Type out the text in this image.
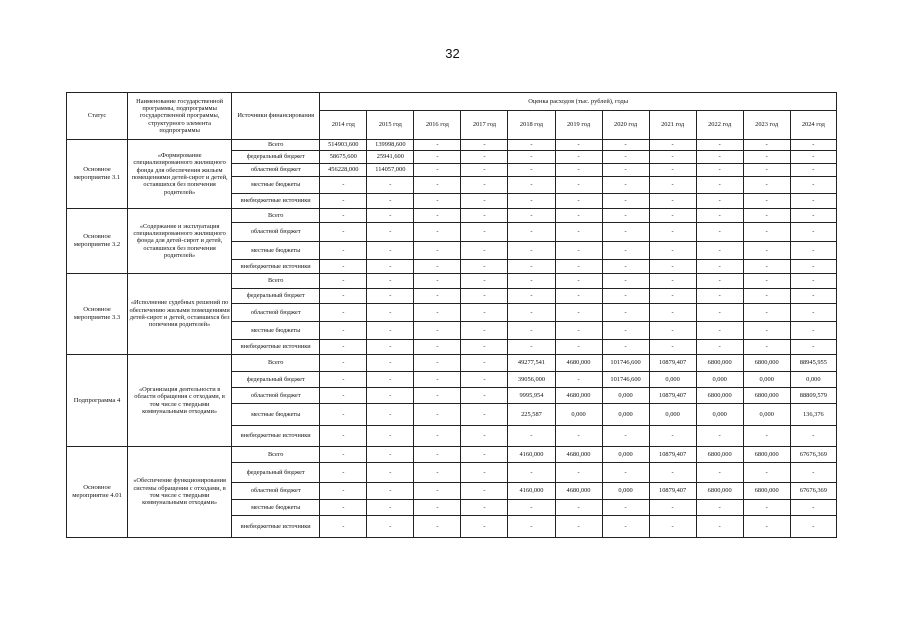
32
Статус	Наименование государственной программы, подпрограммы государственной программы, структурного элемента подпрограммы	Источники финансирования	Оценка расходов (тыс. рублей), годы										
			2014 год	2015 год	2016 год	2017 год	2018 год	2019 год	2020 год	2021 год	2022 год	2023 год	2024 год
Основное мероприятие 3.1	«Формирование специализированного жилищного фонда для обеспечения жильем помещениями детей-сирот и детей, оставшихся без попечения родителей»	Всего	514903,600	139998,600	-	-	-	-	-	-	-	-	-
		федеральный бюджет	58675,600	25941,600	-	-	-	-	-	-	-	-	-
		областной бюджет	456228,000	114057,000	-	-	-	-	-	-	-	-	-
		местные бюджеты	-	-	-	-	-	-	-	-	-	-	-
		внебюджетные источники	-	-	-	-	-	-	-	-	-	-	-
Основное мероприятие 3.2	«Содержание и эксплуатация специализированного жилищного фонда для детей-сирот и детей, оставшихся без попечения родителей»	Всего	-	-	-	-	-	-	-	-	-	-	-
		областной бюджет	-	-	-	-	-	-	-	-	-	-	-
		местные бюджеты	-	-	-	-	-	-	-	-	-	-	-
		внебюджетные источники	-	-	-	-	-	-	-	-	-	-	-
Основное мероприятие 3.3	«Исполнение судебных решений по обеспечению жилыми помещениями детей-сирот и детей, оставшихся без попечения родителей»	Всего	-	-	-	-	-	-	-	-	-	-	-
		федеральный бюджет	-	-	-	-	-	-	-	-	-	-	-
		областной бюджет	-	-	-	-	-	-	-	-	-	-	-
		местные бюджеты	-	-	-	-	-	-	-	-	-	-	-
		внебюджетные источники	-	-	-	-	-	-	-	-	-	-	-
Подпрограмма 4	«Организация деятельности в области обращения с отходами, в том числе с твердыми коммунальными отходами»	Всего	-	-	-	-	49277,541	4680,000	101746,600	10879,407	6800,000	6800,000	88945,955
		федеральный бюджет	-	-	-	-	39056,000	-	101746,600	0,000	0,000	0,000	0,000
		областной бюджет	-	-	-	-	9995,954	4680,000	0,000	10879,407	6800,000	6800,000	88809,579
		местные бюджеты	-	-	-	-	225,587	0,000	0,000	0,000	0,000	0,000	136,376
		внебюджетные источники	-	-	-	-	-	-	-	-	-	-	-
Основное мероприятие 4.01	«Обеспечение функционирования системы обращения с отходами, в том числе с твердыми коммунальными отходами»	Всего	-	-	-	-	4160,000	4680,000	0,000	10879,407	6800,000	6800,000	67676,369
		федеральный бюджет	-	-	-	-	-	-	-	-	-	-	-
		областной бюджет	-	-	-	-	4160,000	4680,000	0,000	10879,407	6800,000	6800,000	67676,369
		местные бюджеты	-	-	-	-	-	-	-	-	-	-	-
		внебюджетные источники	-	-	-	-	-	-	-	-	-	-	-
